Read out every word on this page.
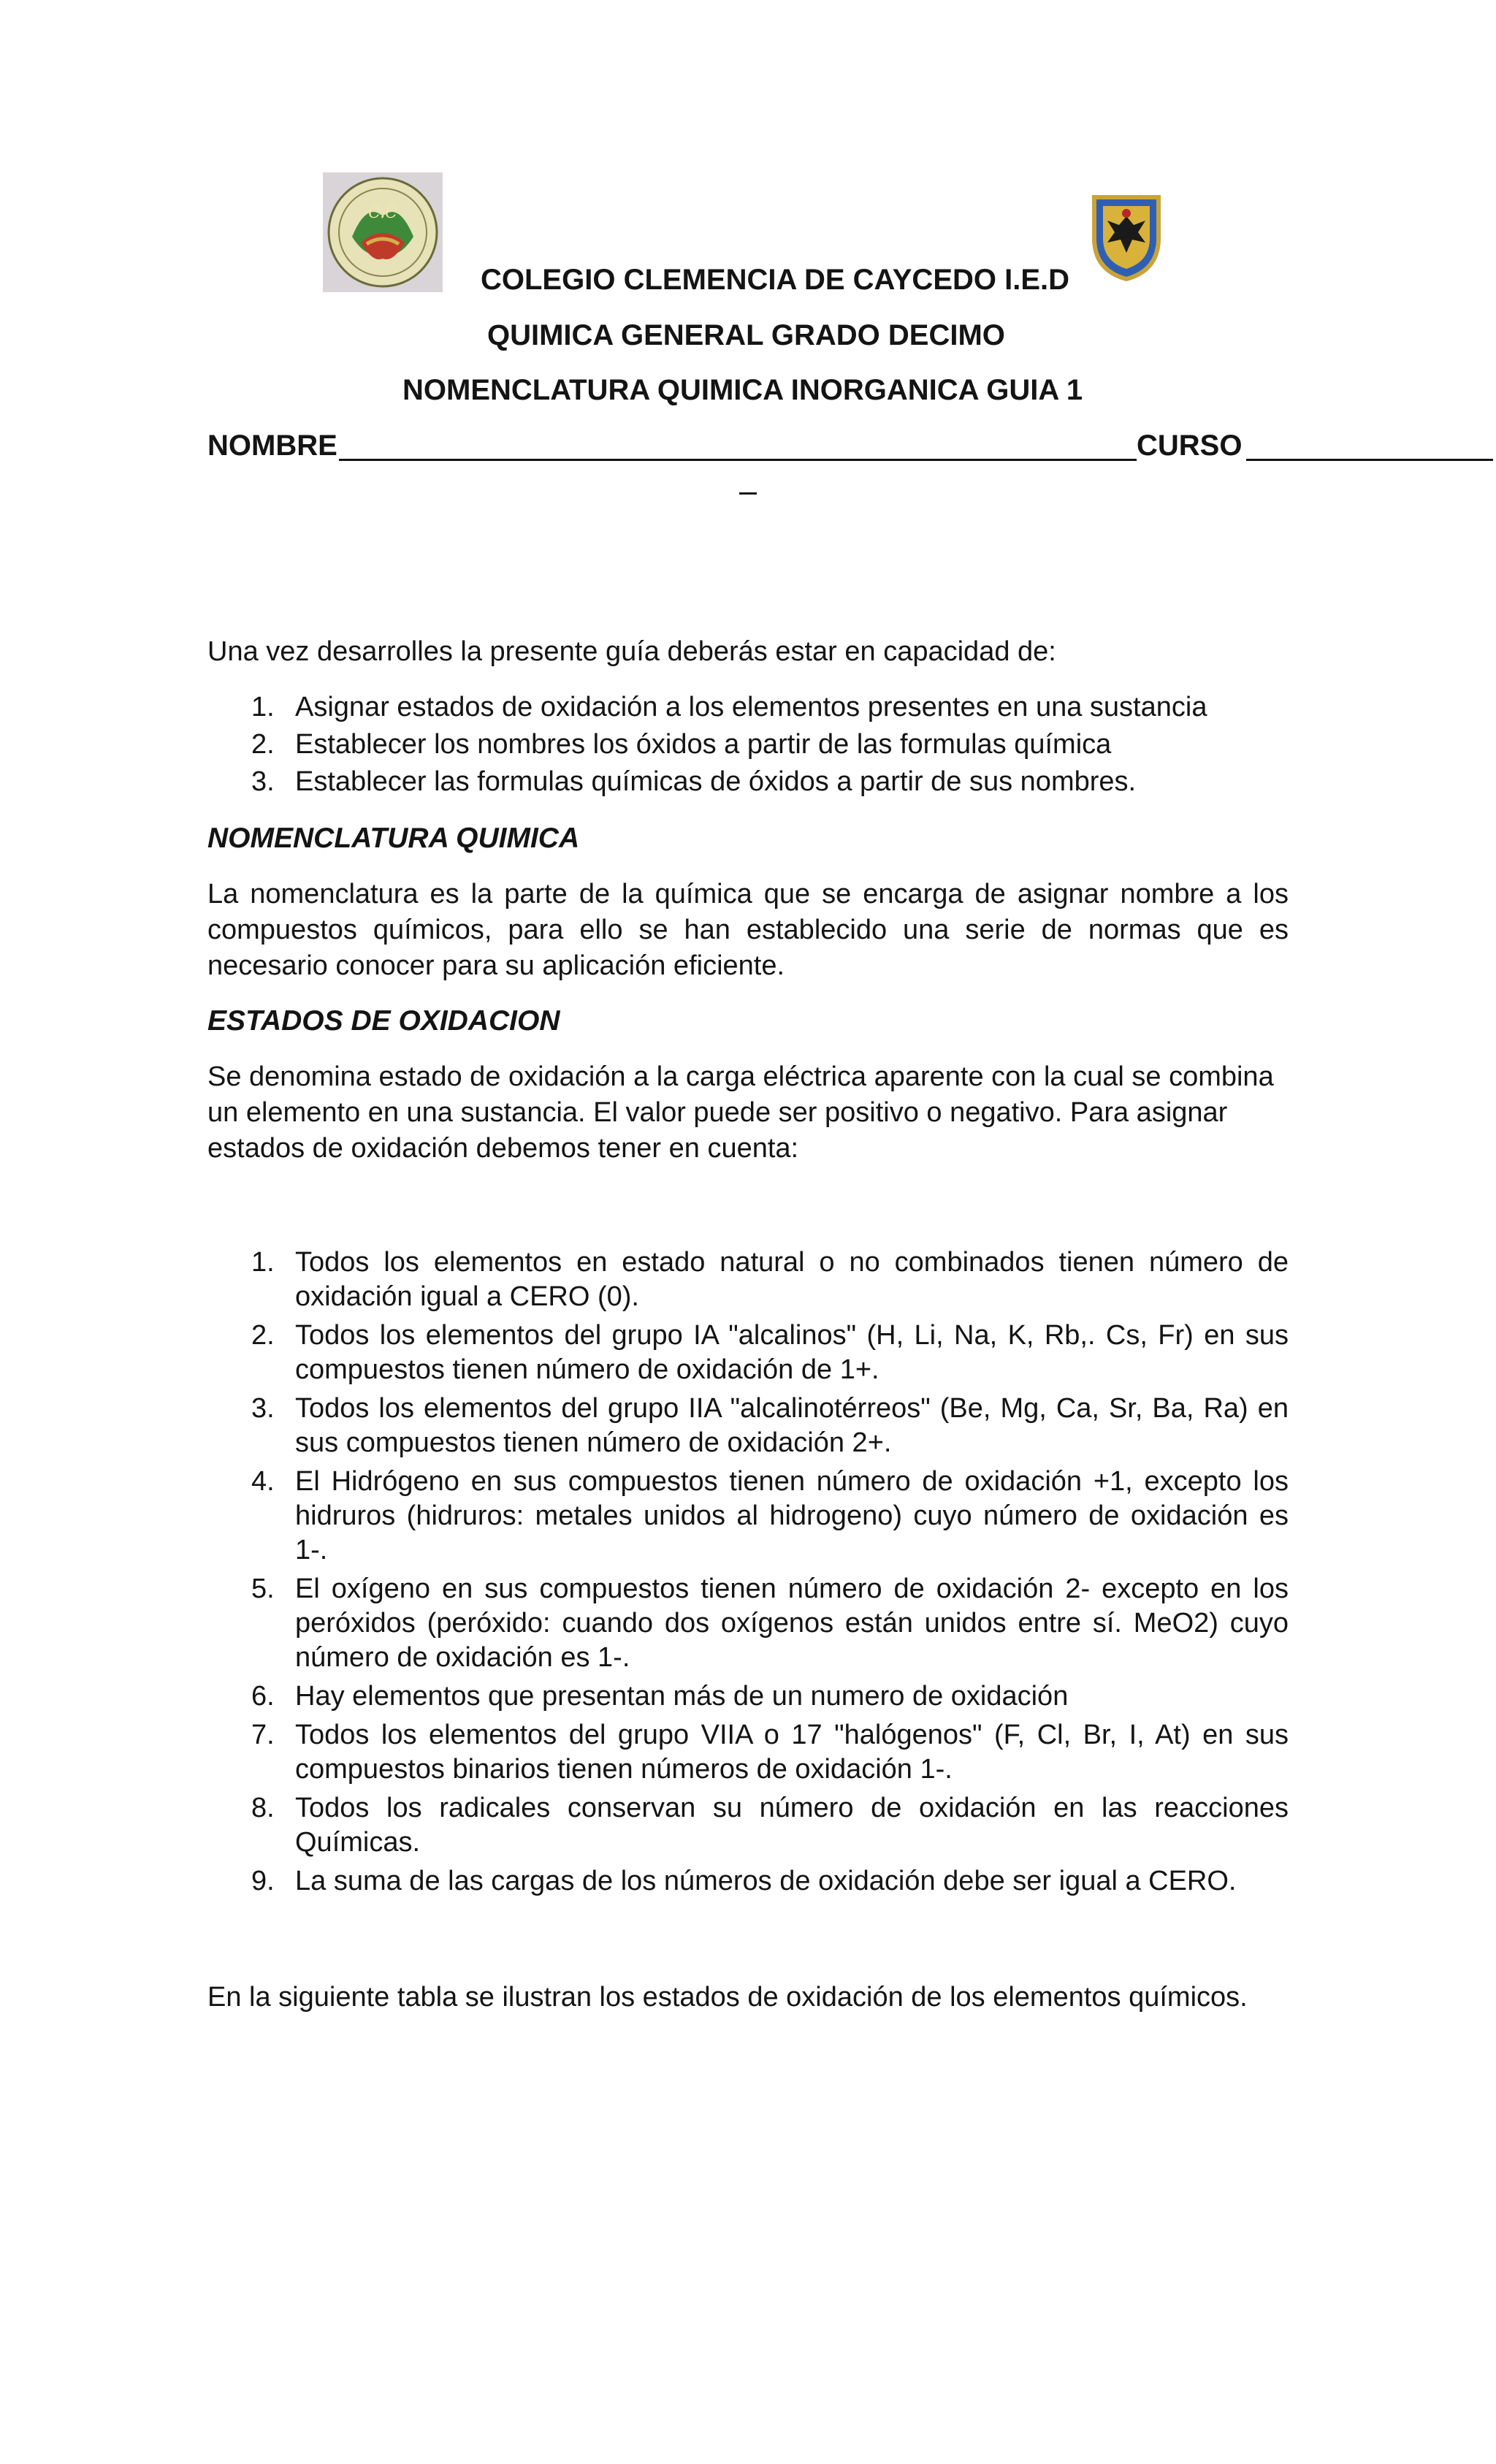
C.C
COLEGIO CLEMENCIA DE CAYCEDO I.E.D
QUIMICA GENERAL GRADO DECIMO
NOMENCLATURA QUIMICA INORGANICA GUIA 1
NOMBRE	CURSO
Una vez desarrolles la presente guía deberás estar en capacidad de:
1. Asignar estados de oxidación a los elementos presentes en una sustancia
2. Establecer los nombres los óxidos a partir de las formulas química
3. Establecer las formulas químicas de óxidos a partir de sus nombres.
NOMENCLATURA QUIMICA
La nomenclatura es la parte de la química que se encarga de asignar nombre a los compuestos químicos, para ello se han establecido una serie de normas que es necesario conocer para su aplicación eficiente.
ESTADOS DE OXIDACION
Se denomina estado de oxidación a la carga eléctrica aparente con la cual se combina un elemento en una sustancia. El valor puede ser positivo o negativo. Para asignar estados de oxidación debemos tener en cuenta:
1. Todos los elementos en estado natural o no combinados tienen número de oxidación igual a CERO (0).
2. Todos los elementos del grupo IA "alcalinos" (H, Li, Na, K, Rb,. Cs, Fr) en sus compuestos tienen número de oxidación de 1+.
3. Todos los elementos del grupo IIA "alcalinotérreos" (Be, Mg, Ca, Sr, Ba, Ra) en sus compuestos tienen número de oxidación 2+.
4. El Hidrógeno en sus compuestos tienen número de oxidación +1, excepto los hidruros (hidruros: metales unidos al hidrogeno) cuyo número de oxidación es 1-.
5. El oxígeno en sus compuestos tienen número de oxidación 2- excepto en los peróxidos (peróxido: cuando dos oxígenos están unidos entre sí. MeO2) cuyo número de oxidación es 1-.
6. Hay elementos que presentan más de un numero de oxidación
7. Todos los elementos del grupo VIIA o 17 "halógenos" (F, Cl, Br, I, At) en sus compuestos binarios tienen números de oxidación 1-.
8. Todos los radicales conservan su número de oxidación en las reacciones Químicas.
9. La suma de las cargas de los números de oxidación debe ser igual a CERO.
En la siguiente tabla se ilustran los estados de oxidación de los elementos químicos.
